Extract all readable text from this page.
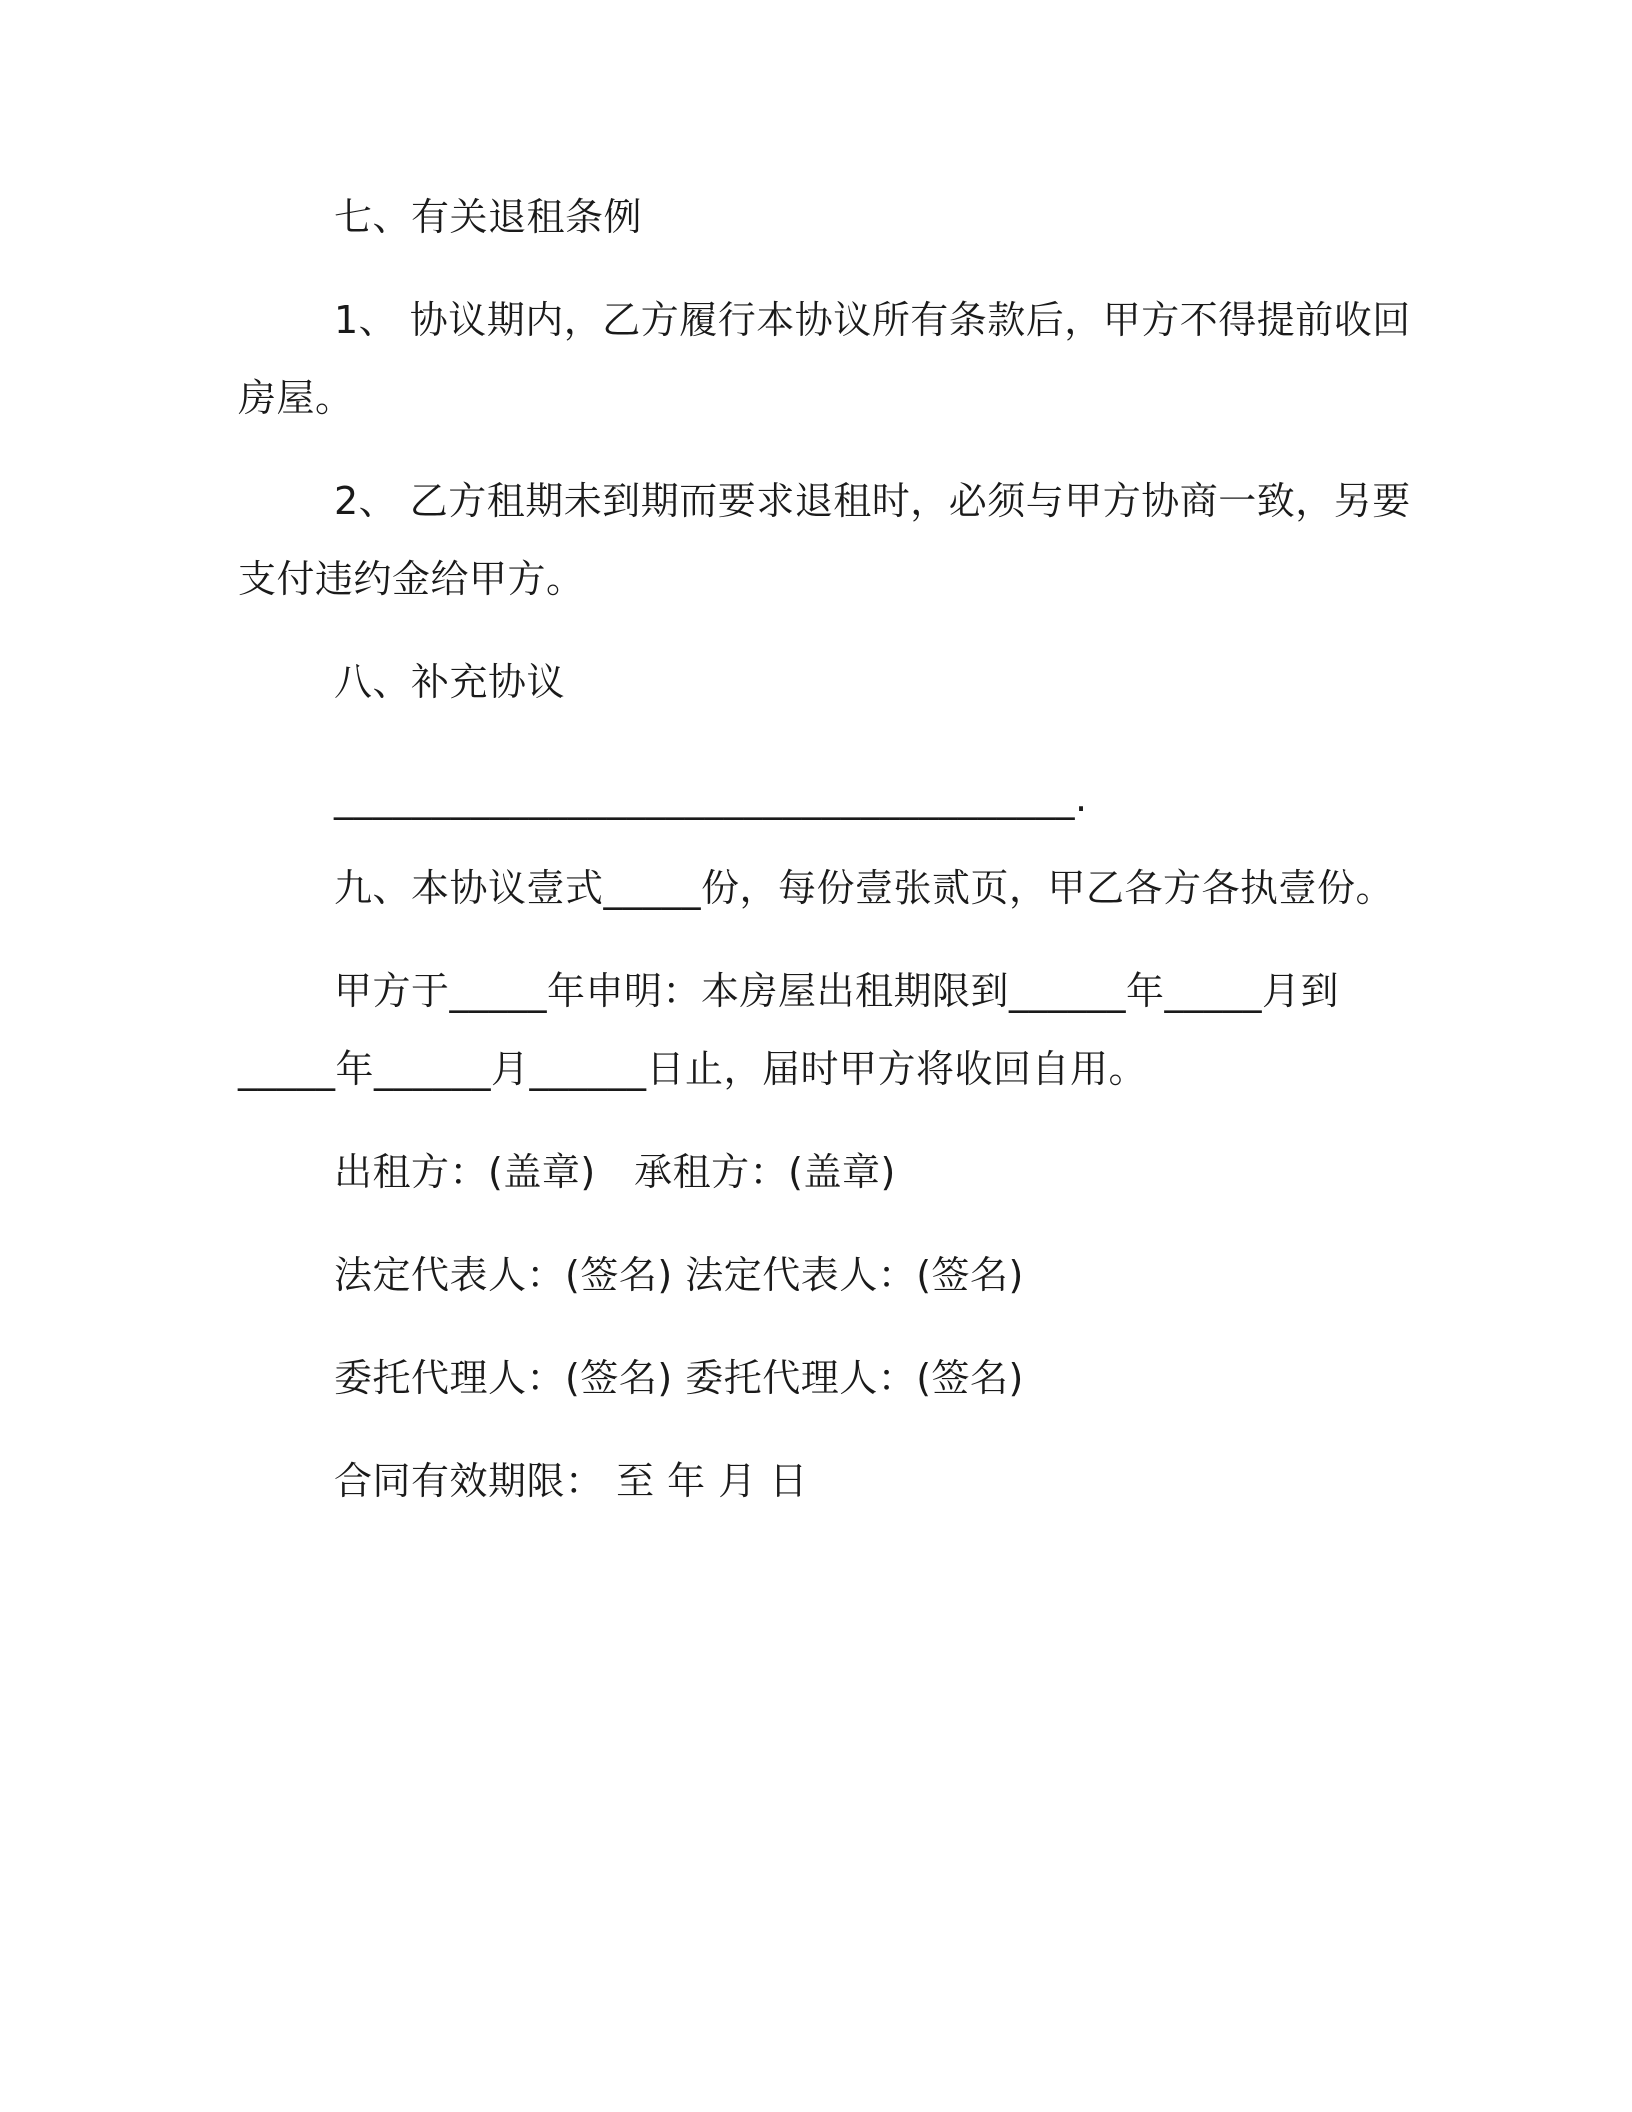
七、有关退租条例

1、 协议期内，乙方履行本协议所有条款后，甲方不得提前收回

房屋。

2、 乙方租期未到期而要求退租时，必须与甲方协商一致，另要

支付违约金给甲方。

八、补充协议

______________________________________.

九、本协议壹式_____份，每份壹张贰页，甲乙各方各执壹份。

甲方于_____年申明：本房屋出租期限到______年_____月到

_____年______月______日止，届时甲方将收回自用。

出租方：(盖章)　承租方：(盖章)

法定代表人：(签名) 法定代表人：(签名)

委托代理人：(签名) 委托代理人：(签名)

合同有效期限： 至 年 月 日
